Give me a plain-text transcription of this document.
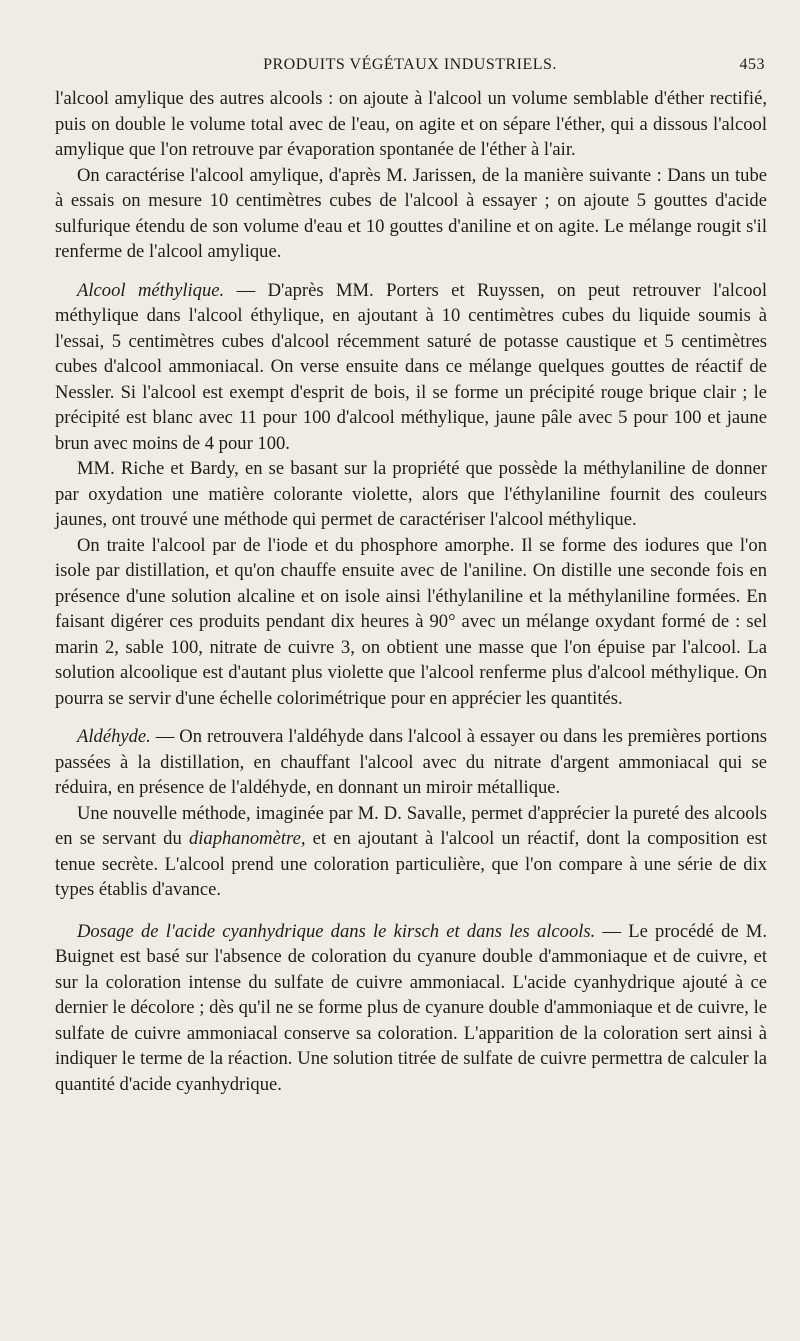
PRODUITS VÉGÉTAUX INDUSTRIELS.	453

l'alcool amylique des autres alcools : on ajoute à l'alcool un volume semblable d'éther rectifié, puis on double le volume total avec de l'eau, on agite et on sépare l'éther, qui a dissous l'alcool amylique que l'on retrouve par évaporation spontanée de l'éther à l'air.

On caractérise l'alcool amylique, d'après M. Jarissen, de la manière suivante : Dans un tube à essais on mesure 10 centimètres cubes de l'alcool à essayer ; on ajoute 5 gouttes d'acide sulfurique étendu de son volume d'eau et 10 gouttes d'aniline et on agite. Le mélange rougit s'il renferme de l'alcool amylique.

Alcool méthylique. — D'après MM. Porters et Ruyssen, on peut retrouver l'alcool méthylique dans l'alcool éthylique, en ajoutant à 10 centimètres cubes du liquide soumis à l'essai, 5 centimètres cubes d'alcool récemment saturé de potasse caustique et 5 centimètres cubes d'alcool ammoniacal. On verse ensuite dans ce mélange quelques gouttes de réactif de Nessler. Si l'alcool est exempt d'esprit de bois, il se forme un précipité rouge brique clair ; le précipité est blanc avec 11 pour 100 d'alcool méthylique, jaune pâle avec 5 pour 100 et jaune brun avec moins de 4 pour 100.

MM. Riche et Bardy, en se basant sur la propriété que possède la méthylaniline de donner par oxydation une matière colorante violette, alors que l'éthylaniline fournit des couleurs jaunes, ont trouvé une méthode qui permet de caractériser l'alcool méthylique.

On traite l'alcool par de l'iode et du phosphore amorphe. Il se forme des iodures que l'on isole par distillation, et qu'on chauffe ensuite avec de l'aniline. On distille une seconde fois en présence d'une solution alcaline et on isole ainsi l'éthylaniline et la méthylaniline formées. En faisant digérer ces produits pendant dix heures à 90° avec un mélange oxydant formé de : sel marin 2, sable 100, nitrate de cuivre 3, on obtient une masse que l'on épuise par l'alcool. La solution alcoolique est d'autant plus violette que l'alcool renferme plus d'alcool méthylique. On pourra se servir d'une échelle colorimétrique pour en apprécier les quantités.

Aldéhyde. — On retrouvera l'aldéhyde dans l'alcool à essayer ou dans les premières portions passées à la distillation, en chauffant l'alcool avec du nitrate d'argent ammoniacal qui se réduira, en présence de l'aldéhyde, en donnant un miroir métallique.

Une nouvelle méthode, imaginée par M. D. Savalle, permet d'apprécier la pureté des alcools en se servant du diaphanomètre, et en ajoutant à l'alcool un réactif, dont la composition est tenue secrète. L'alcool prend une coloration particulière, que l'on compare à une série de dix types établis d'avance.

Dosage de l'acide cyanhydrique dans le kirsch et dans les alcools. — Le procédé de M. Buignet est basé sur l'absence de coloration du cyanure double d'ammoniaque et de cuivre, et sur la coloration intense du sulfate de cuivre ammoniacal. L'acide cyanhydrique ajouté à ce dernier le décolore ; dès qu'il ne se forme plus de cyanure double d'ammoniaque et de cuivre, le sulfate de cuivre ammoniacal conserve sa coloration. L'apparition de la coloration sert ainsi à indiquer le terme de la réaction. Une solution titrée de sulfate de cuivre permettra de calculer la quantité d'acide cyanhydrique.
